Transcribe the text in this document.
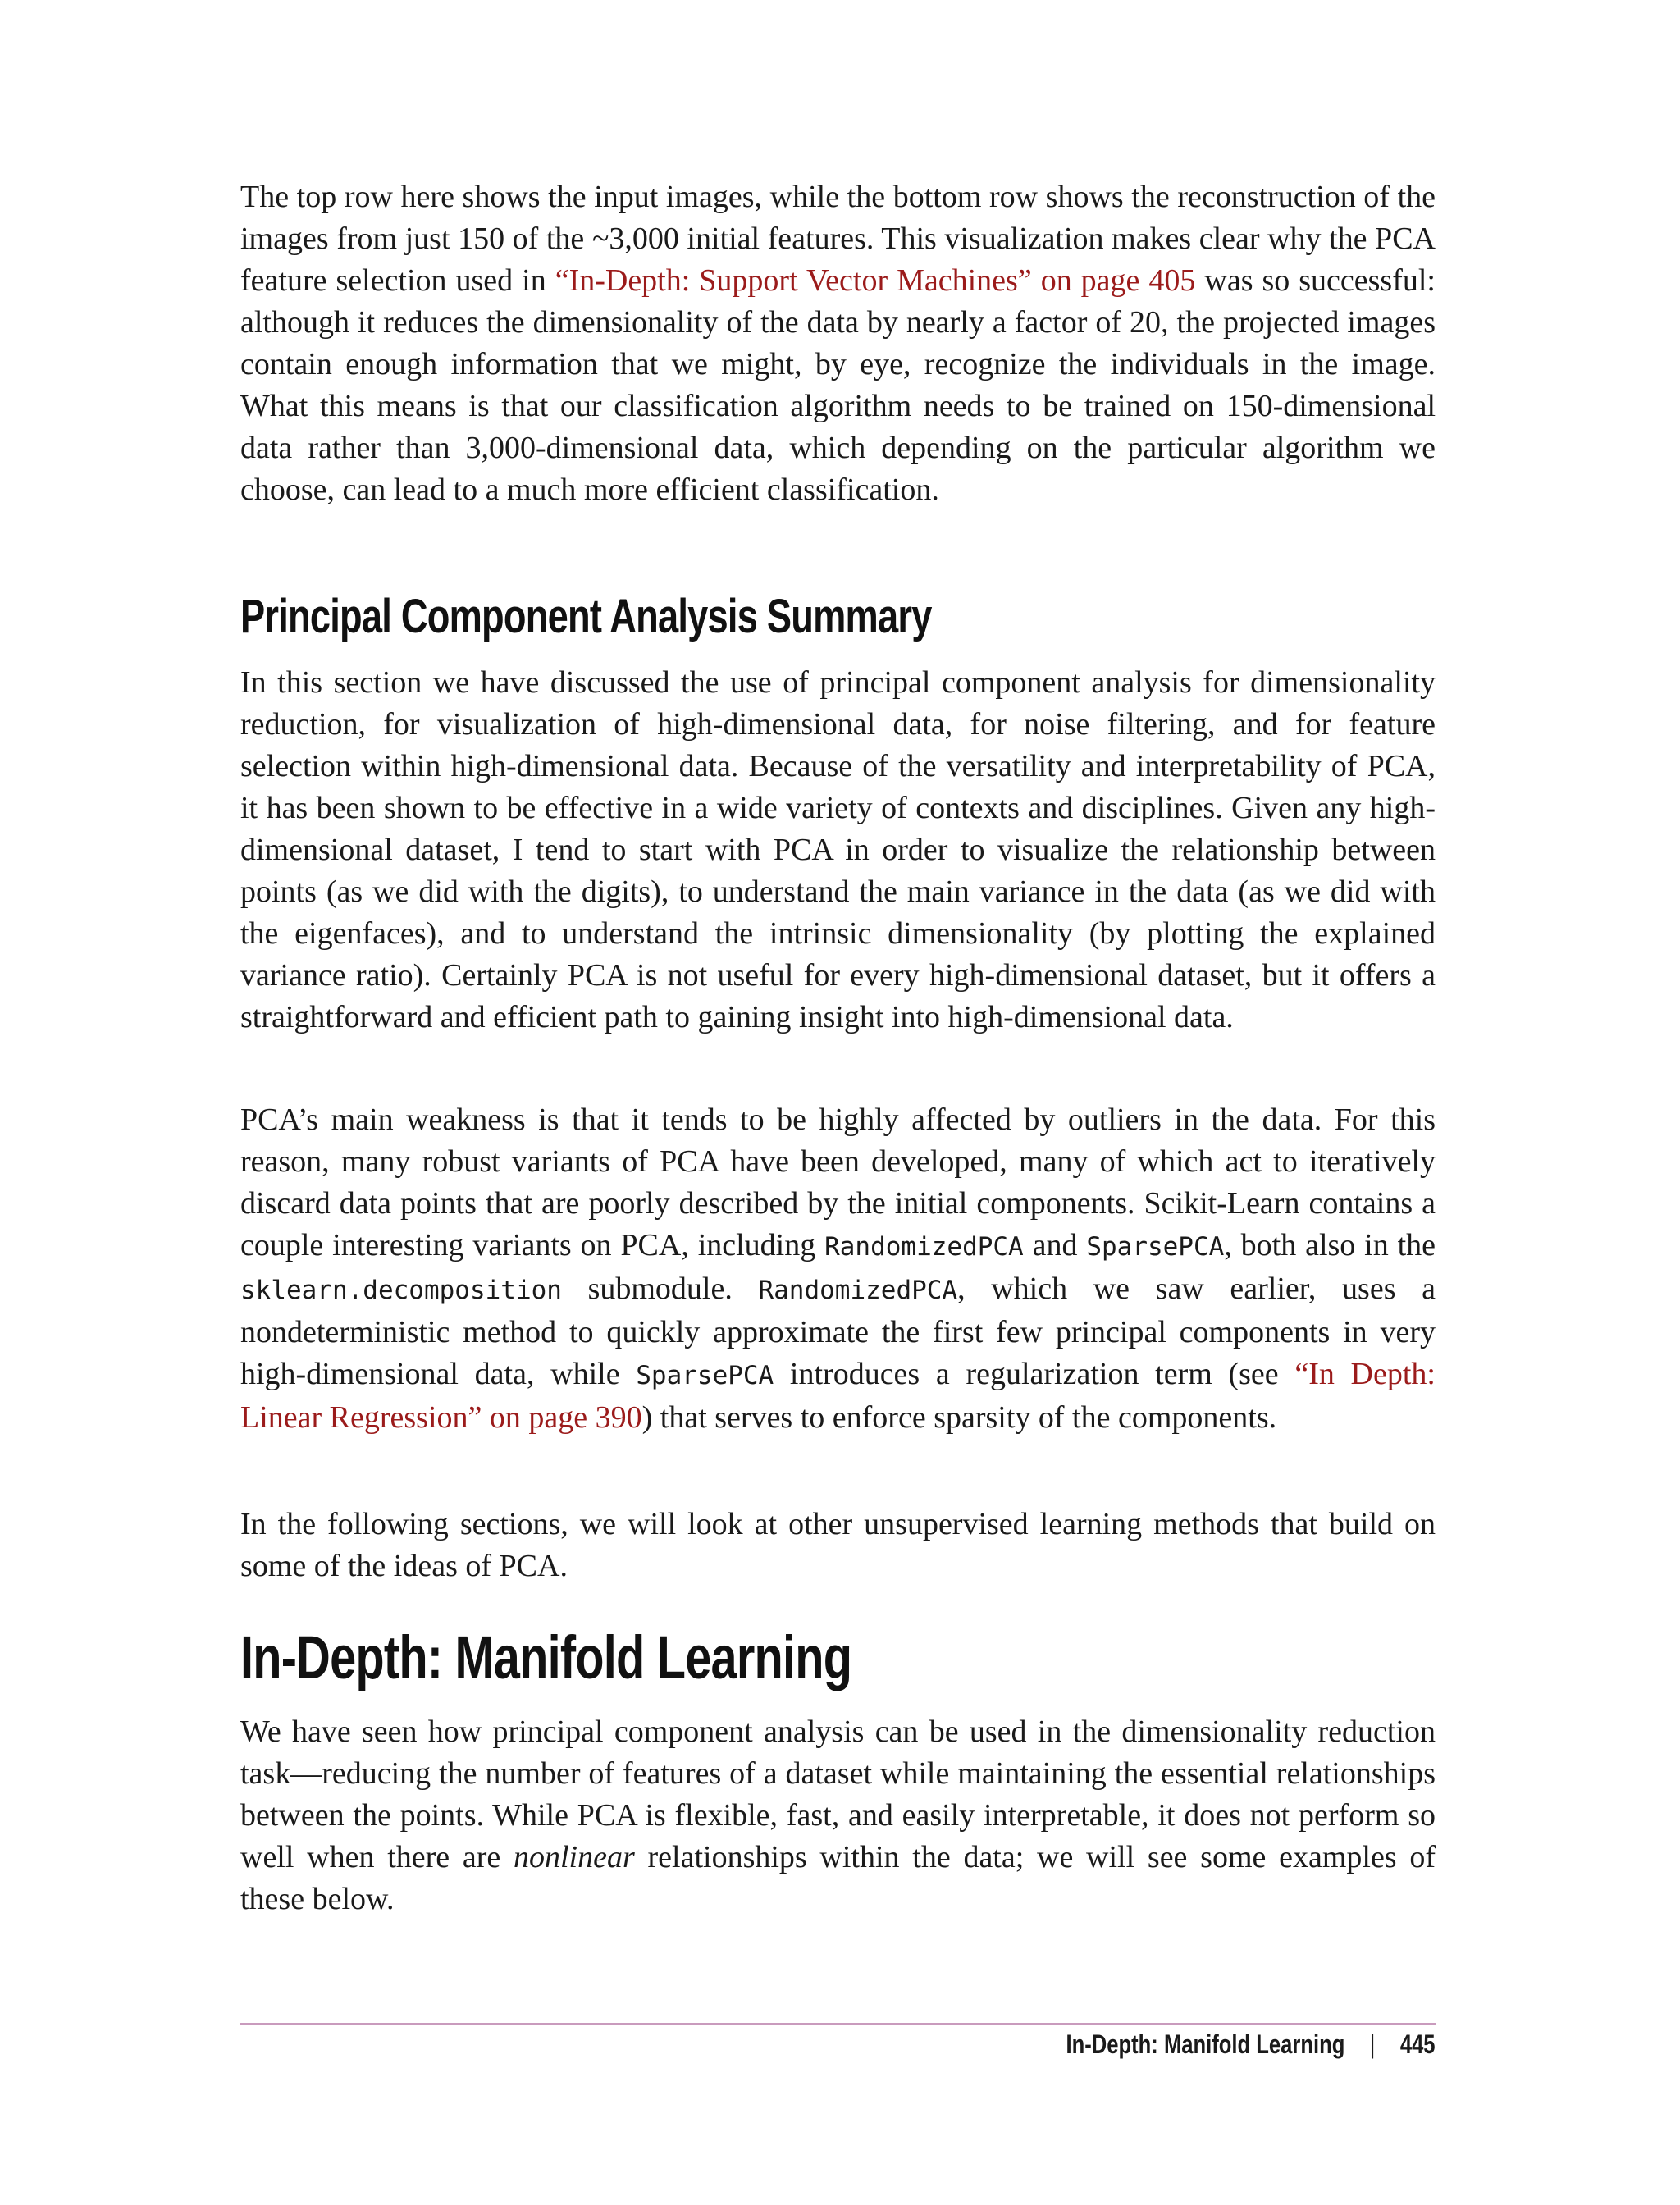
The top row here shows the input images, while the bottom row shows the reconstruction of the images from just 150 of the ~3,000 initial features. This visualization makes clear why the PCA feature selection used in “In-Depth: Support Vector Machines” on page 405 was so successful: although it reduces the dimensionality of the data by nearly a factor of 20, the projected images contain enough information that we might, by eye, recognize the individuals in the image. What this means is that our classification algorithm needs to be trained on 150-dimensional data rather than 3,000-dimensional data, which depending on the particular algorithm we choose, can lead to a much more efficient classification.
Principal Component Analysis Summary
In this section we have discussed the use of principal component analysis for dimensionality reduction, for visualization of high-dimensional data, for noise filtering, and for feature selection within high-dimensional data. Because of the versatility and interpretability of PCA, it has been shown to be effective in a wide variety of contexts and disciplines. Given any high-dimensional dataset, I tend to start with PCA in order to visualize the relationship between points (as we did with the digits), to understand the main variance in the data (as we did with the eigenfaces), and to understand the intrinsic dimensionality (by plotting the explained variance ratio). Certainly PCA is not useful for every high-dimensional dataset, but it offers a straightforward and efficient path to gaining insight into high-dimensional data.
PCA’s main weakness is that it tends to be highly affected by outliers in the data. For this reason, many robust variants of PCA have been developed, many of which act to iteratively discard data points that are poorly described by the initial components. Scikit-Learn contains a couple interesting variants on PCA, including RandomizedPCA and SparsePCA, both also in the sklearn.decomposition submodule. RandomizedPCA, which we saw earlier, uses a nondeterministic method to quickly approximate the first few principal components in very high-dimensional data, while SparsePCA introduces a regularization term (see “In Depth: Linear Regression” on page 390) that serves to enforce sparsity of the components.
In the following sections, we will look at other unsupervised learning methods that build on some of the ideas of PCA.
In-Depth: Manifold Learning
We have seen how principal component analysis can be used in the dimensionality reduction task—reducing the number of features of a dataset while maintaining the essential relationships between the points. While PCA is flexible, fast, and easily interpretable, it does not perform so well when there are nonlinear relationships within the data; we will see some examples of these below.
In-Depth: Manifold Learning | 445
